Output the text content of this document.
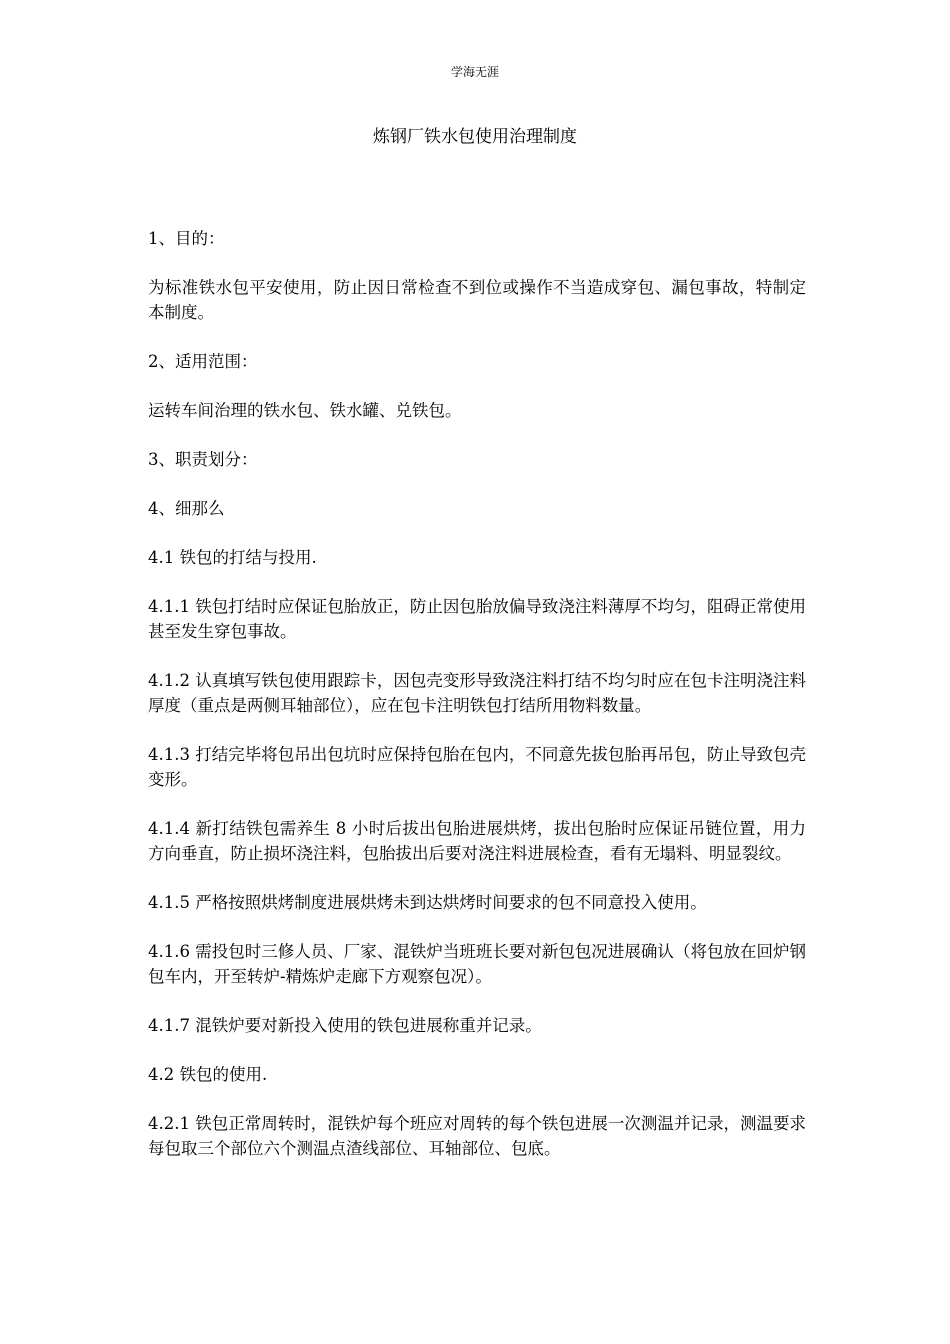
学海无涯
炼钢厂铁水包使用治理制度

1、目的：

为标准铁水包平安使用，防止因日常检查不到位或操作不当造成穿包、漏包事故，特制定本制度。

2、适用范围：

运转车间治理的铁水包、铁水罐、兑铁包。

3、职责划分：

4、细那么

4.1 铁包的打结与投用.

4.1.1 铁包打结时应保证包胎放正，防止因包胎放偏导致浇注料薄厚不均匀，阻碍正常使用甚至发生穿包事故。

4.1.2 认真填写铁包使用跟踪卡，因包壳变形导致浇注料打结不均匀时应在包卡注明浇注料厚度（重点是两侧耳轴部位），应在包卡注明铁包打结所用物料数量。

4.1.3 打结完毕将包吊出包坑时应保持包胎在包内，不同意先拔包胎再吊包，防止导致包壳变形。

4.1.4 新打结铁包需养生 8 小时后拔出包胎进展烘烤，拔出包胎时应保证吊链位置，用力方向垂直，防止损坏浇注料，包胎拔出后要对浇注料进展检查，看有无塌料、明显裂纹。

4.1.5 严格按照烘烤制度进展烘烤未到达烘烤时间要求的包不同意投入使用。

4.1.6 需投包时三修人员、厂家、混铁炉当班班长要对新包包况进展确认（将包放在回炉钢包车内，开至转炉-精炼炉走廊下方观察包况）。

4.1.7 混铁炉要对新投入使用的铁包进展称重并记录。

4.2 铁包的使用.

4.2.1 铁包正常周转时，混铁炉每个班应对周转的每个铁包进展一次测温并记录，测温要求每包取三个部位六个测温点渣线部位、耳轴部位、包底。
